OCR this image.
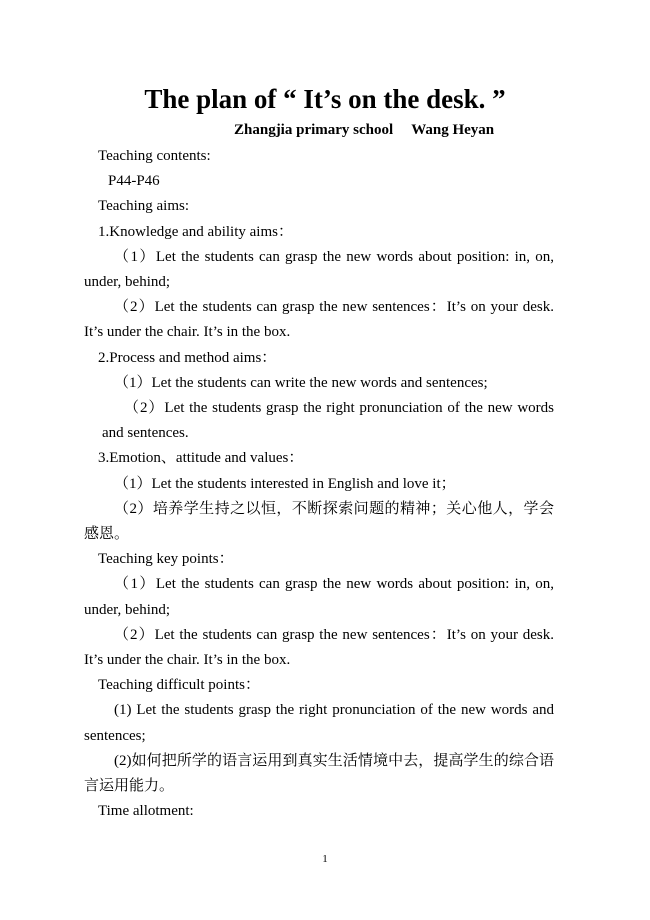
The plan of “ It’s on the desk. ”
Zhangjia primary school Wang Heyan

Teaching contents:

P44-P46

Teaching aims:

1.Knowledge and ability aims：

（1）Let the students can grasp the new words about position: in, on, under, behind;

（2）Let the students can grasp the new sentences：It’s on your desk. It’s under the chair. It’s in the box.

2.Process and method aims：

（1）Let the students can write the new words and sentences;

（2）Let the students grasp the right pronunciation of the new words and sentences.

3.Emotion、attitude and values：

（1）Let the students interested in English and love it；

（2）培养学生持之以恒，不断探索问题的精神；关心他人，学会感恩。

Teaching key points：

（1）Let the students can grasp the new words about position: in, on, under, behind;

（2）Let the students can grasp the new sentences：It’s on your desk. It’s under the chair. It’s in the box.

Teaching difficult points：

(1) Let the students grasp the right pronunciation of the new words and sentences;

(2)如何把所学的语言运用到真实生活情境中去，提高学生的综合语言运用能力。

Time allotment:

1
